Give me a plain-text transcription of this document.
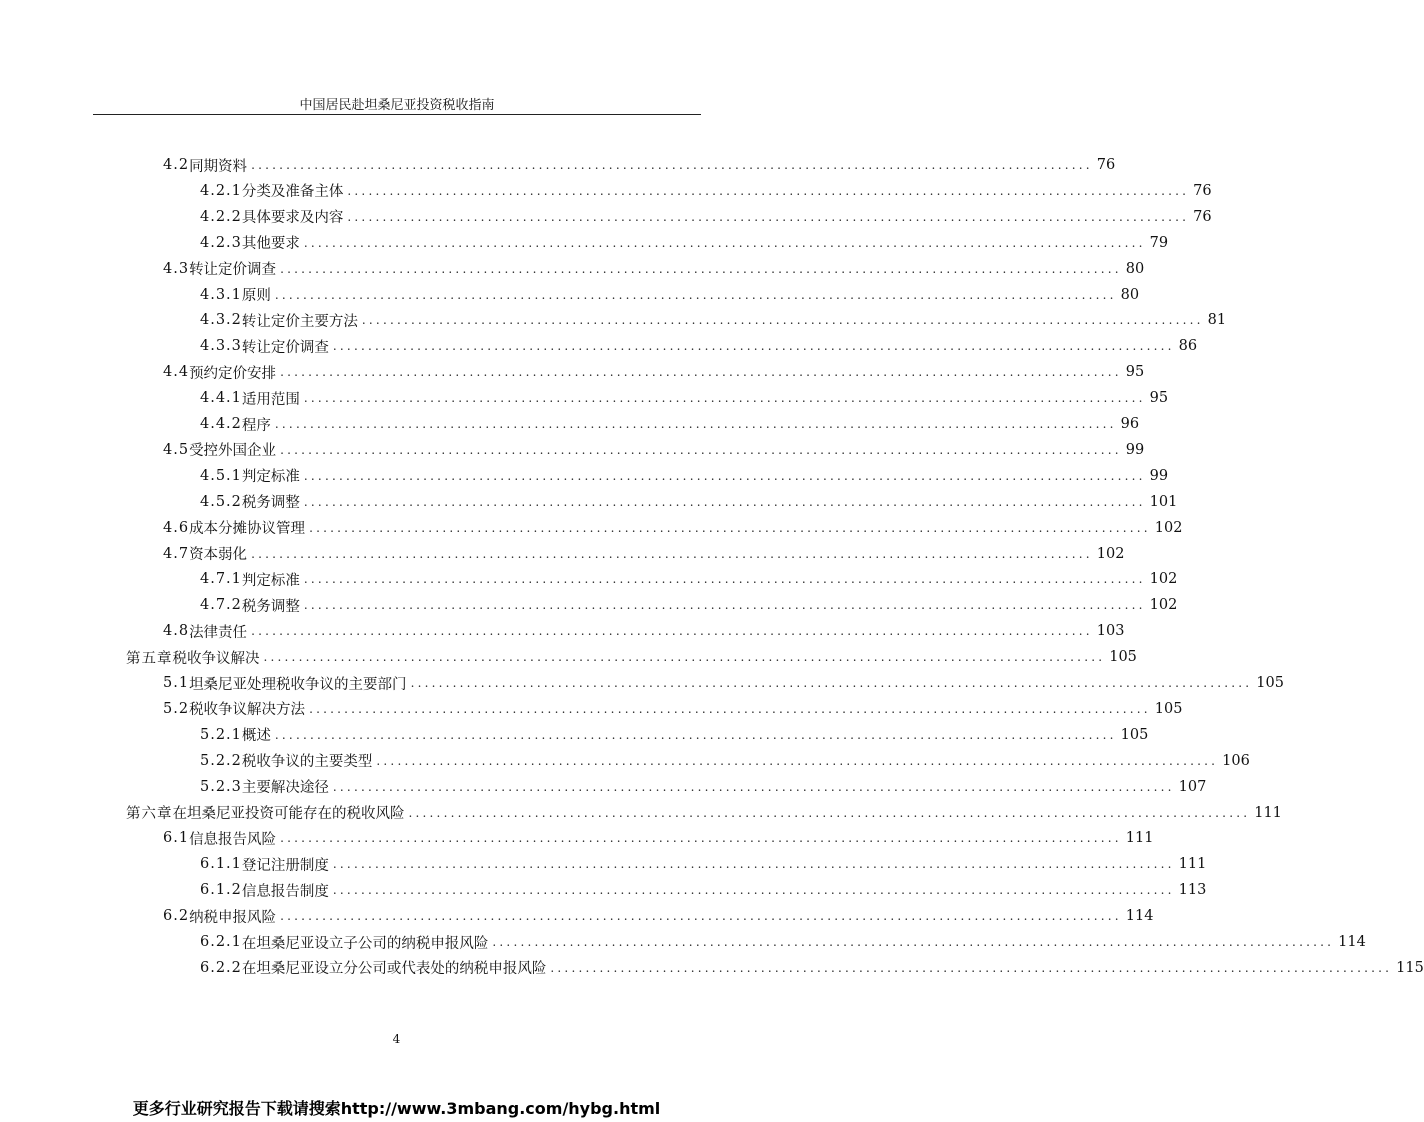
中国居民赴坦桑尼亚投资税收指南
4.2 同期资料 ........................................................................................................................ 76
4.2.1 分类及准备主体 ........................................................................................................................ 76
4.2.2 具体要求及内容 ........................................................................................................................ 76
4.2.3 其他要求 ........................................................................................................................ 79
4.3 转让定价调查 ........................................................................................................................ 80
4.3.1 原则 ........................................................................................................................ 80
4.3.2 转让定价主要方法 ........................................................................................................................ 81
4.3.3 转让定价调查 ........................................................................................................................ 86
4.4 预约定价安排 ........................................................................................................................ 95
4.4.1 适用范围 ........................................................................................................................ 95
4.4.2 程序 ........................................................................................................................ 96
4.5 受控外国企业 ........................................................................................................................ 99
4.5.1 判定标准 ........................................................................................................................ 99
4.5.2 税务调整 ........................................................................................................................ 101
4.6 成本分摊协议管理 ........................................................................................................................ 102
4.7 资本弱化 ........................................................................................................................ 102
4.7.1 判定标准 ........................................................................................................................ 102
4.7.2 税务调整 ........................................................................................................................ 102
4.8 法律责任 ........................................................................................................................ 103
第五章 税收争议解决 ........................................................................................................................ 105
5.1 坦桑尼亚处理税收争议的主要部门 ........................................................................................................................ 105
5.2 税收争议解决方法 ........................................................................................................................ 105
5.2.1 概述 ........................................................................................................................ 105
5.2.2 税收争议的主要类型 ........................................................................................................................ 106
5.2.3 主要解决途径 ........................................................................................................................ 107
第六章 在坦桑尼亚投资可能存在的税收风险 ........................................................................................................................ 111
6.1 信息报告风险 ........................................................................................................................ 111
6.1.1 登记注册制度 ........................................................................................................................ 111
6.1.2 信息报告制度 ........................................................................................................................ 113
6.2 纳税申报风险 ........................................................................................................................ 114
6.2.1 在坦桑尼亚设立子公司的纳税申报风险 ........................................................................................................................ 114
6.2.2 在坦桑尼亚设立分公司或代表处的纳税申报风险 ........................................................................................................................ 115
4
更多行业研究报告下载请搜索http://www.3mbang.com/hybg.html
